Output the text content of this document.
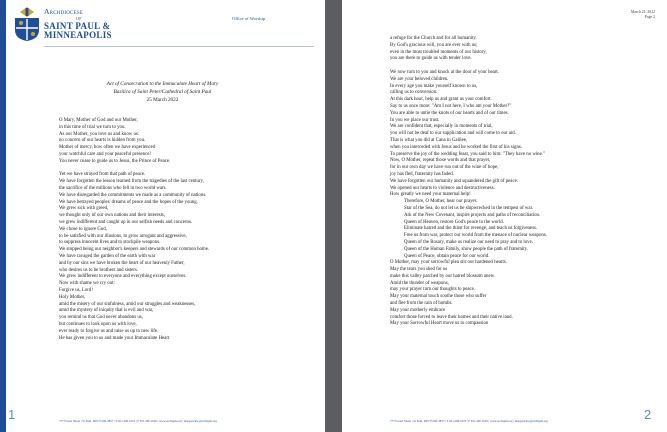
Archdiocese
OF
SAINT PAUL &
MINNEAPOLIS
Office of Worship
Act of Consecration to the Immaculate Heart of Mary
Basilica of Saint Peter/Cathedral of Saint Paul
25 March 2022
O Mary, Mother of God and our Mother,
in this time of trial we turn to you.
As our Mother, you love us and know us:
no concern of our hearts is hidden from you.
Mother of mercy, how often we have experienced
your watchful care and your peaceful presence!
You never cease to guide us to Jesus, the Prince of Peace.
Yet we have strayed from that path of peace.
We have forgotten the lesson learned from the tragedies of the last century,
the sacrifice of the millions who fell in two world wars.
We have disregarded the commitments we made as a community of nations.
We have betrayed peoples' dreams of peace and the hopes of the young.
We grew sick with greed,
we thought only of our own nations and their interests,
we grew indifferent and caught up in our selfish needs and concerns.
We chose to ignore God,
to be satisfied with our illusions, to grow arrogant and aggressive,
to suppress innocent lives and to stockpile weapons.
We stopped being our neighbor's keepers and stewards of our common home.
We have ravaged the garden of the earth with war
and by our sins we have broken the heart of our heavenly Father,
who desires us to be brothers and sisters.
We grew indifferent to everyone and everything except ourselves.
Now with shame we cry out:
Forgive us, Lord!
Holy Mother,
amid the misery of our sinfulness, amid our struggles and weaknesses,
amid the mystery of iniquity that is evil and war,
you remind us that God never abandons us,
but continues to look upon us with love,
ever ready to forgive us and raise us up to new life.
He has given you to us and made your Immaculate Heart
777 Forest Street | St Paul, MN 55106-3857 | T 651.290.1633 | F 651.290.1629 | www.archspm.org | margesickw@archspm.org
1
March 21, 2022
Page 2
a refuge for the Church and for all humanity.
By God's gracious will, you are ever with us;
even in the most troubled moments of our history,
you are there to guide us with tender love.
We now turn to you and knock at the door of your heart.
We are your beloved children.
In every age you make yourself known to us,
calling us to conversion.
At this dark hour, help us and grant us your comfort.
Say to us once more: "Am I not here, I who am your Mother?"
You are able to untie the knots of our hearts and of our times.
In you we place our trust.
We are confident that, especially in moments of trial,
you will not be deaf to our supplication and will come to our aid.
That is what you did at Cana in Galilee,
when you interceded with Jesus and he worked the first of his signs.
To preserve the joy of the wedding feast, you said to him: "They have no wine."
Now, O Mother, repeat those words and that prayer,
for in our own day we have run out of the wine of hope,
joy has fled, fraternity has faded.
We have forgotten our humanity and squandered the gift of peace.
We opened our hearts to violence and destructiveness.
How greatly we need your maternal help!
Therefore, O Mother, hear our prayer.
Star of the Sea, do not let us be shipwrecked in the tempest of war.
Ark of the New Covenant, inspire projects and paths of reconciliation.
Queen of Heaven, restore God's peace to the world.
Eliminate hatred and the thirst for revenge, and teach us forgiveness.
Free us from war, protect our world from the menace of nuclear weapons.
Queen of the Rosary, make us realize our need to pray and to love.
Queen of the Human Family, show people the path of fraternity.
Queen of Peace, obtain peace for our world.
O Mother, may your sorrowful plea stir our hardened hearts.
May the tears you shed for us
make this valley parched by our hatred blossom anew.
Amid the thunder of weapons,
may your prayer turn our thoughts to peace.
May your maternal touch soothe those who suffer
and flee from the rain of bombs.
May your motherly embrace
comfort those forced to leave their homes and their native land.
May your Sorrowful Heart move us to compassion
777 Forest Street | St Paul, MN 55106-3857 | T 651.290.1633 | F 651.290.1629 | www.archspm.org | margesickw@archspm.org	2
